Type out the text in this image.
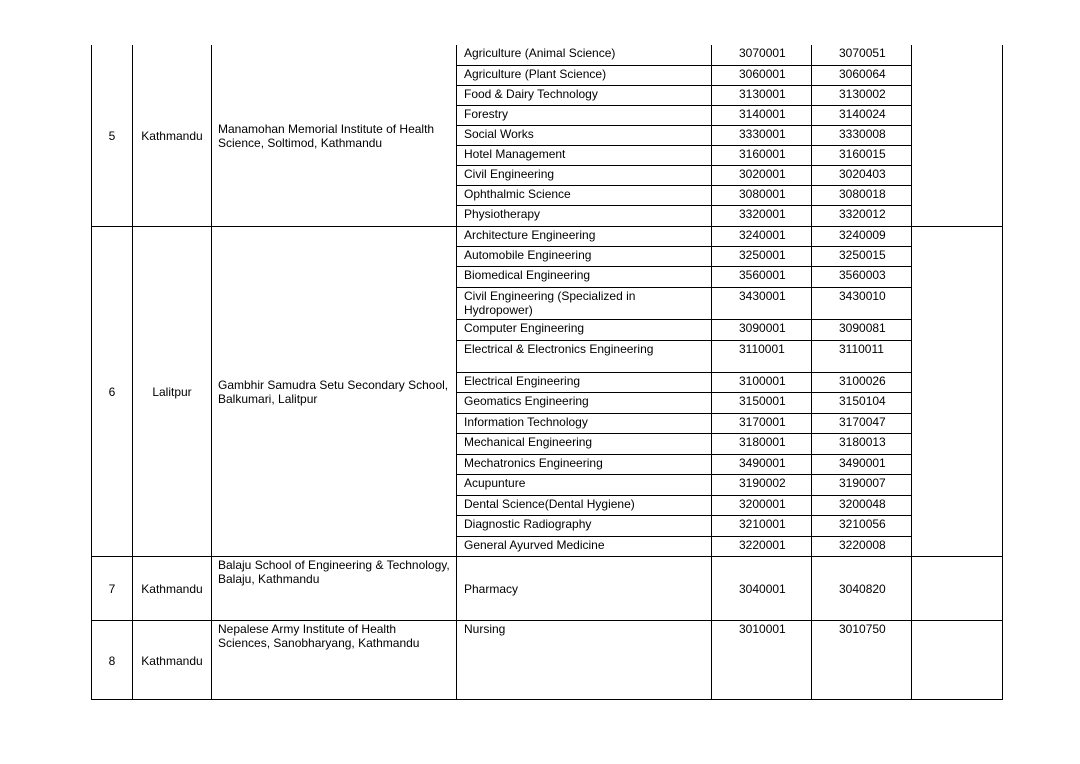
5	Kathmandu	Manamohan Memorial Institute of Health Science, Soltimod, Kathmandu	Agriculture (Animal Science)	3070001	3070051	

			Agriculture (Plant Science)	3060001	3060064	

			Food & Dairy Technology	3130001	3130002	

			Forestry	3140001	3140024	

			Social Works	3330001	3330008	

			Hotel Management	3160001	3160015	

			Civil Engineering	3020001	3020403	

			Ophthalmic Science	3080001	3080018	

			Physiotherapy	3320001	3320012	

6	Lalitpur	Gambhir Samudra Setu Secondary School, Balkumari, Lalitpur	Architecture Engineering	3240001	3240009	

			Automobile Engineering	3250001	3250015	

			Biomedical Engineering	3560001	3560003	

			Civil Engineering (Specialized in Hydropower)	3430001	3430010	

			Computer Engineering	3090001	3090081	

			Electrical & Electronics Engineering	3110001	3110011	

			Electrical Engineering	3100001	3100026	

			Geomatics Engineering	3150001	3150104	

			Information Technology	3170001	3170047	

			Mechanical Engineering	3180001	3180013	

			Mechatronics Engineering	3490001	3490001	

			Acupunture	3190002	3190007	

			Dental Science(Dental Hygiene)	3200001	3200048	

			Diagnostic Radiography	3210001	3210056	

			General Ayurved Medicine	3220001	3220008	

7	Kathmandu	Balaju School of Engineering & Technology, Balaju, Kathmandu	Pharmacy	3040001	3040820	

8	Kathmandu	Nepalese Army Institute of Health Sciences, Sanobharyang, Kathmandu	Nursing	3010001	3010750	
